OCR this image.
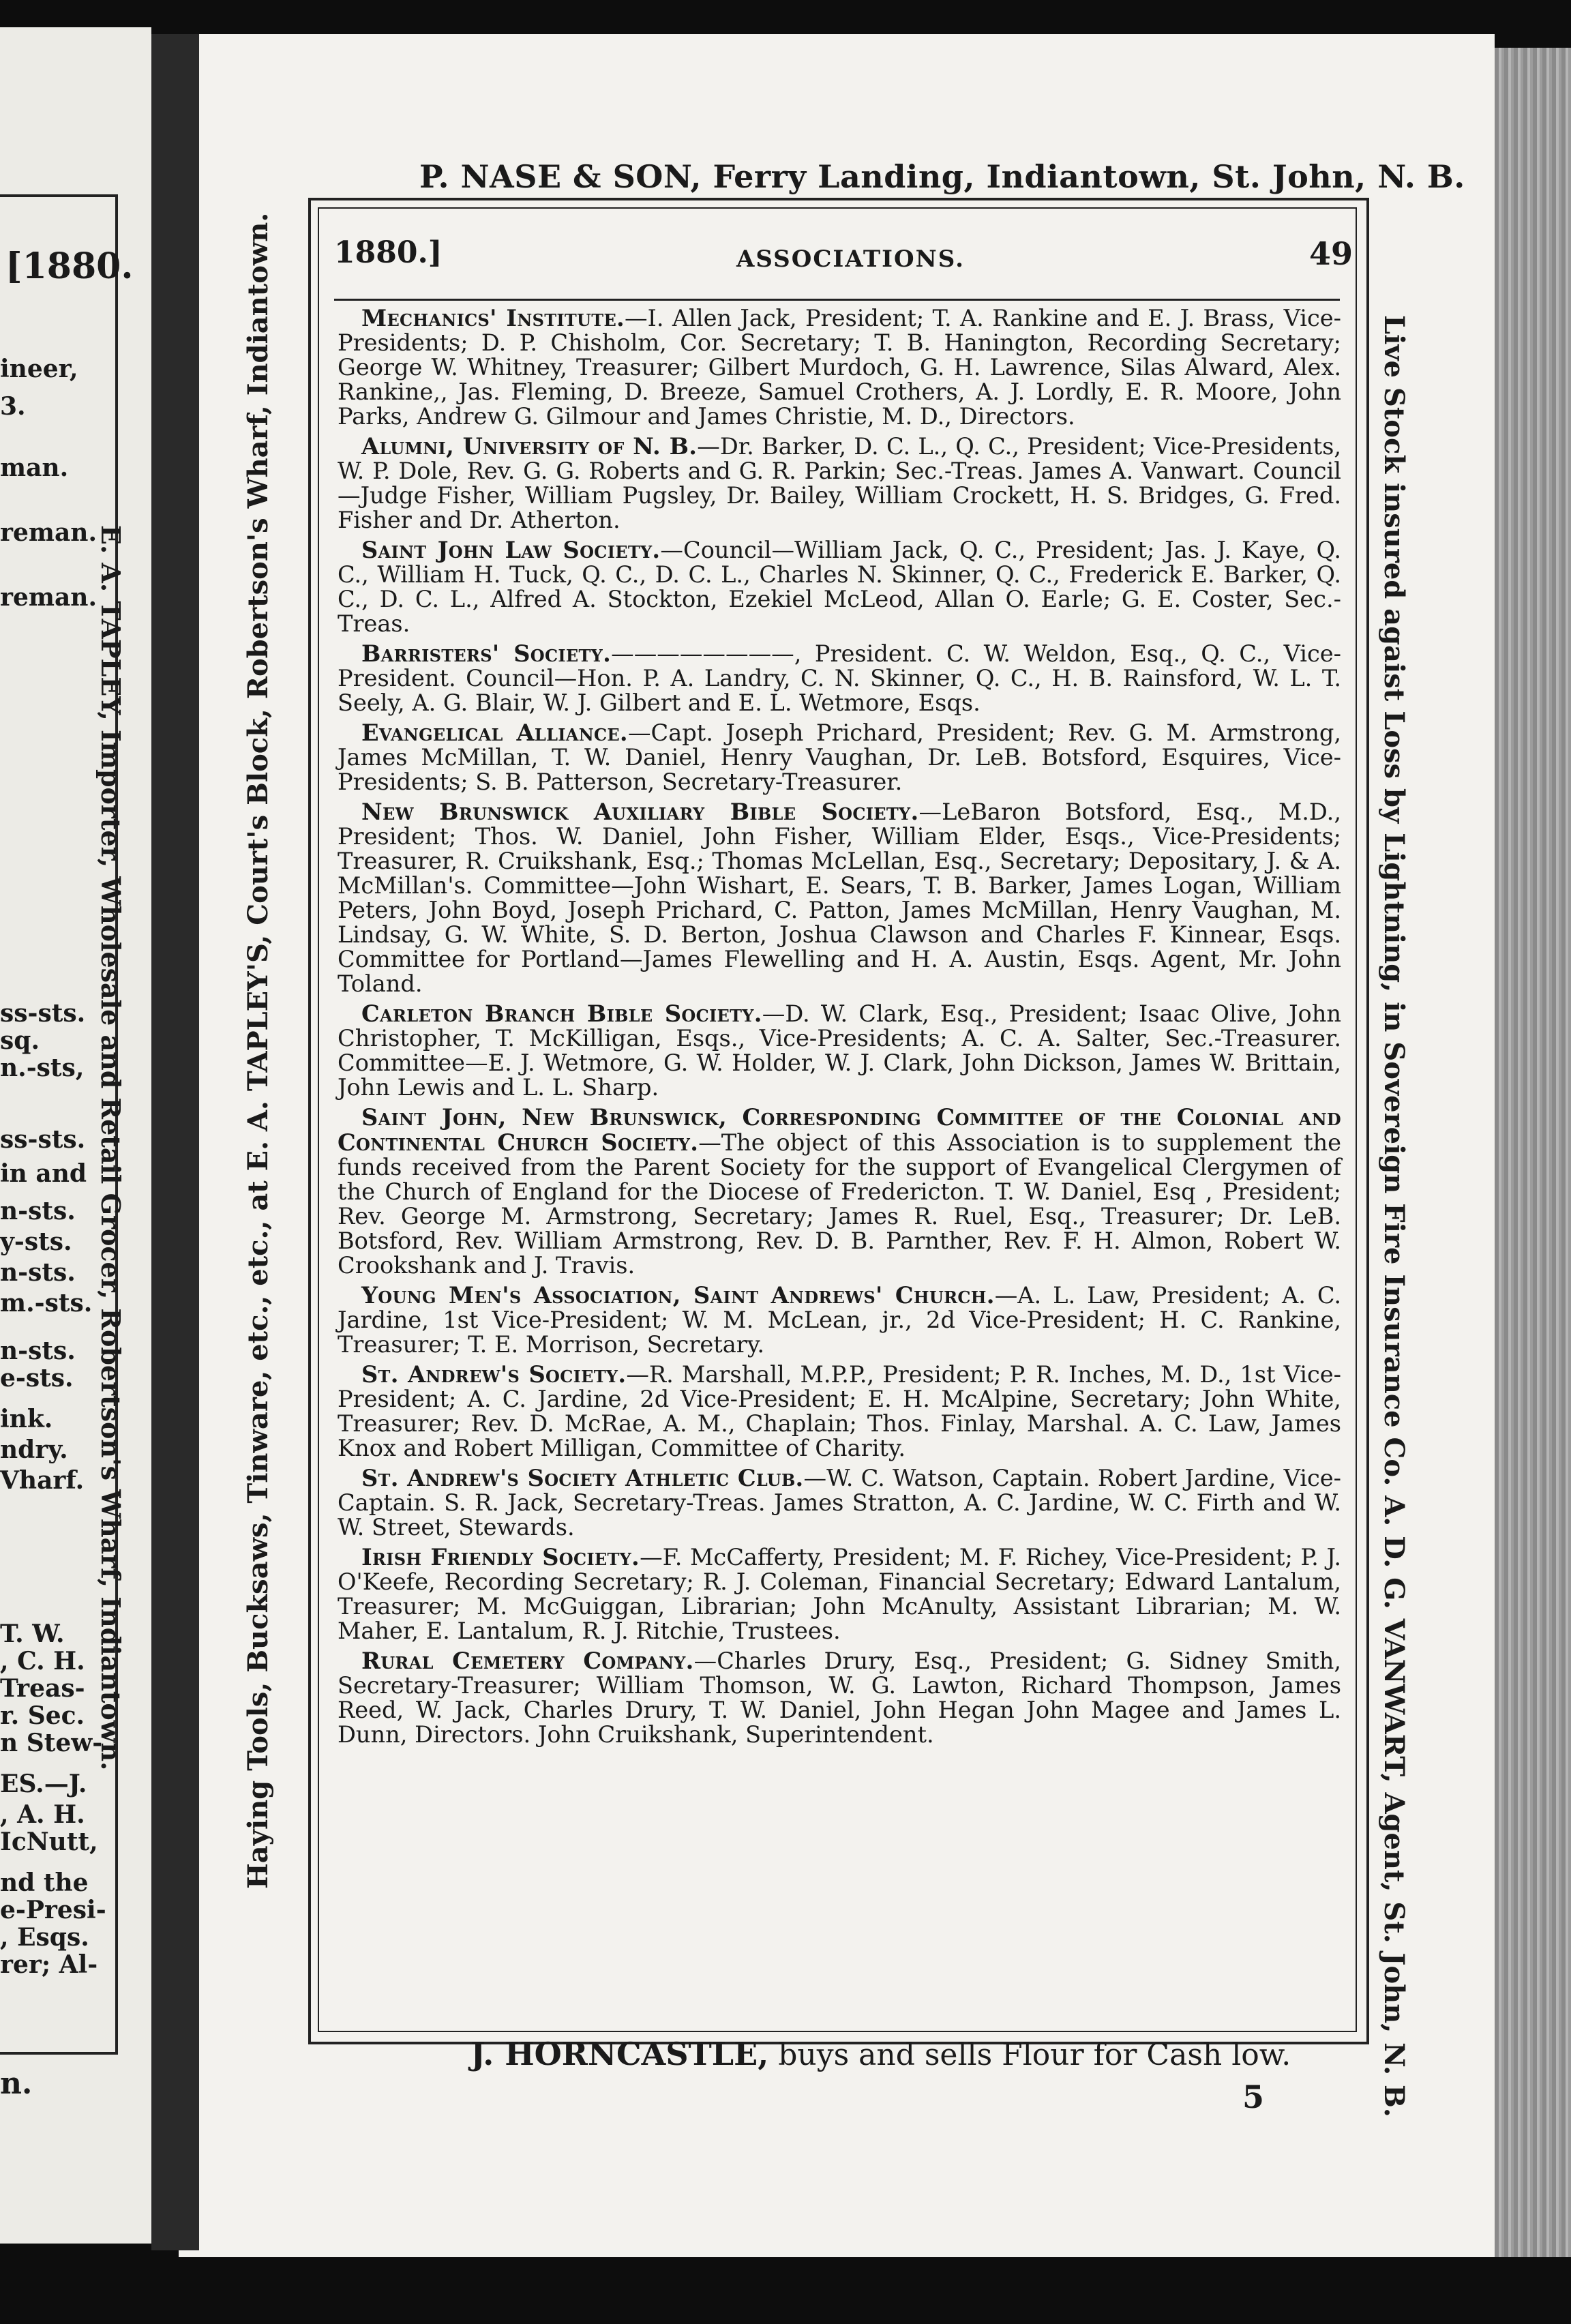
[1880.
ineer,
3.
man.
reman.
reman.
ss-sts.
sq.
n.-sts,
ss-sts.
in and
n-sts.
y-sts.
n-sts.
m.-sts.
n-sts.
e-sts.
ink.
ndry.
Vharf.
T. W.
, C. H.
Treas-
r. Sec.
n Stew-
ES.—J.
, A. H.
IcNutt,
nd the
e-Presi-
, Esqs.
rer; Al-
n.
P. NASE & SON, Ferry Landing, Indiantown, St. John, N. B.
Haying Tools, Bucksaws, Tinware, etc., etc., at E. A. TAPLEY'S, Court's Block, Robertson's Wharf, Indiantown.
E. A. TAPLEY, Importer, Wholesale and Retail Grocer, Robertson's Wharf, Indiantown.	Live Stock insured agaist Loss by Lightning, in Sovereign Fire Insurance Co. A. D. G. VANWART, Agent, St. John, N. B.
1880.]	ASSOCIATIONS.	49

Mechanics' Institute.—I. Allen Jack, President; T. A. Rankine and E. J. Brass, Vice-Presidents; D. P. Chisholm, Cor. Secretary; T. B. Hanington, Recording Secretary; George W. Whitney, Treasurer; Gilbert Murdoch, G. H. Lawrence, Silas Alward, Alex. Rankine,, Jas. Fleming, D. Breeze, Samuel Crothers, A. J. Lordly, E. R. Moore, John Parks, Andrew G. Gilmour and James Christie, M. D., Directors.

Alumni, University of N. B.—Dr. Barker, D. C. L., Q. C., President; Vice-Presidents, W. P. Dole, Rev. G. G. Roberts and G. R. Parkin; Sec.-Treas. James A. Vanwart. Council—Judge Fisher, William Pugsley, Dr. Bailey, William Crockett, H. S. Bridges, G. Fred. Fisher and Dr. Atherton.

Saint John Law Society.—Council—William Jack, Q. C., President; Jas. J. Kaye, Q. C., William H. Tuck, Q. C., D. C. L., Charles N. Skinner, Q. C., Frederick E. Barker, Q. C., D. C. L., Alfred A. Stockton, Ezekiel McLeod, Allan O. Earle; G. E. Coster, Sec.-Treas.

Barristers' Society.————————, President. C. W. Weldon, Esq., Q. C., Vice-President. Council—Hon. P. A. Landry, C. N. Skinner, Q. C., H. B. Rainsford, W. L. T. Seely, A. G. Blair, W. J. Gilbert and E. L. Wetmore, Esqs.

Evangelical Alliance.—Capt. Joseph Prichard, President; Rev. G. M. Armstrong, James McMillan, T. W. Daniel, Henry Vaughan, Dr. LeB. Botsford, Esquires, Vice-Presidents; S. B. Patterson, Secretary-Treasurer.

New Brunswick Auxiliary Bible Society.—LeBaron Botsford, Esq., M.D., President; Thos. W. Daniel, John Fisher, William Elder, Esqs., Vice-Presidents; Treasurer, R. Cruikshank, Esq.; Thomas McLellan, Esq., Secretary; Depositary, J. & A. McMillan's. Committee—John Wishart, E. Sears, T. B. Barker, James Logan, William Peters, John Boyd, Joseph Prichard, C. Patton, James McMillan, Henry Vaughan, M. Lindsay, G. W. White, S. D. Berton, Joshua Clawson and Charles F. Kinnear, Esqs. Committee for Portland—James Flewelling and H. A. Austin, Esqs. Agent, Mr. John Toland.

Carleton Branch Bible Society.—D. W. Clark, Esq., President; Isaac Olive, John Christopher, T. McKilligan, Esqs., Vice-Presidents; A. C. A. Salter, Sec.-Treasurer. Committee—E. J. Wetmore, G. W. Holder, W. J. Clark, John Dickson, James W. Brittain, John Lewis and L. L. Sharp.

Saint John, New Brunswick, Corresponding Committee of the Colonial and Continental Church Society.—The object of this Association is to supplement the funds received from the Parent Society for the support of Evangelical Clergymen of the Church of England for the Diocese of Fredericton. T. W. Daniel, Esq , President; Rev. George M. Armstrong, Secretary; James R. Ruel, Esq., Treasurer; Dr. LeB. Botsford, Rev. William Armstrong, Rev. D. B. Parnther, Rev. F. H. Almon, Robert W. Crookshank and J. Travis.

Young Men's Association, Saint Andrews' Church.—A. L. Law, President; A. C. Jardine, 1st Vice-President; W. M. McLean, jr., 2d Vice-President; H. C. Rankine, Treasurer; T. E. Morrison, Secretary.

St. Andrew's Society.—R. Marshall, M.P.P., President; P. R. Inches, M. D., 1st Vice-President; A. C. Jardine, 2d Vice-President; E. H. McAlpine, Secretary; John White, Treasurer; Rev. D. McRae, A. M., Chaplain; Thos. Finlay, Marshal. A. C. Law, James Knox and Robert Milligan, Committee of Charity.

St. Andrew's Society Athletic Club.—W. C. Watson, Captain. Robert Jardine, Vice-Captain. S. R. Jack, Secretary-Treas. James Stratton, A. C. Jardine, W. C. Firth and W. W. Street, Stewards.

Irish Friendly Society.—F. McCafferty, President; M. F. Richey, Vice-President; P. J. O'Keefe, Recording Secretary; R. J. Coleman, Financial Secretary; Edward Lantalum, Treasurer; M. McGuiggan, Librarian; John McAnulty, Assistant Librarian; M. W. Maher, E. Lantalum, R. J. Ritchie, Trustees.

Rural Cemetery Company.—Charles Drury, Esq., President; G. Sidney Smith, Secretary-Treasurer; William Thomson, W. G. Lawton, Richard Thompson, James Reed, W. Jack, Charles Drury, T. W. Daniel, John Hegan John Magee and James L. Dunn, Directors. John Cruikshank, Superintendent.

J. HORNCASTLE, buys and sells Flour for Cash low.
5
